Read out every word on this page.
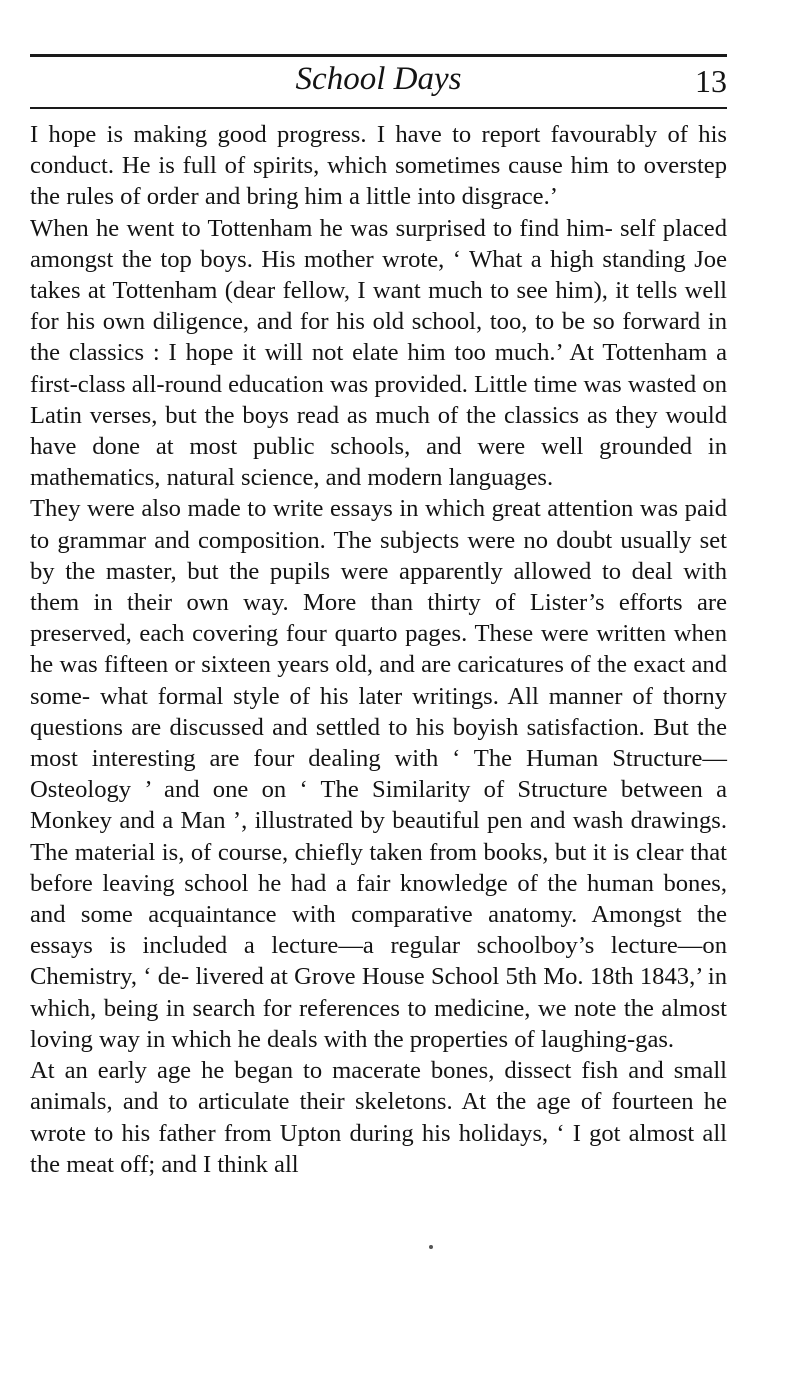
School Days	13

I hope is making good progress. I have to report favourably of his conduct. He is full of spirits, which sometimes cause him to overstep the rules of order and bring him a little into disgrace.’

When he went to Tottenham he was surprised to find him- self placed amongst the top boys. His mother wrote, ‘ What a high standing Joe takes at Tottenham (dear fellow, I want much to see him), it tells well for his own diligence, and for his old school, too, to be so forward in the classics : I hope it will not elate him too much.’ At Tottenham a first-class all-round education was provided. Little time was wasted on Latin verses, but the boys read as much of the classics as they would have done at most public schools, and were well grounded in mathematics, natural science, and modern languages.

They were also made to write essays in which great attention was paid to grammar and composition. The subjects were no doubt usually set by the master, but the pupils were apparently allowed to deal with them in their own way. More than thirty of Lister’s efforts are preserved, each covering four quarto pages. These were written when he was fifteen or sixteen years old, and are caricatures of the exact and some- what formal style of his later writings. All manner of thorny questions are discussed and settled to his boyish satisfaction. But the most interesting are four dealing with ‘ The Human Structure—Osteology ’ and one on ‘ The Similarity of Structure between a Monkey and a Man ’, illustrated by beautiful pen and wash drawings. The material is, of course, chiefly taken from books, but it is clear that before leaving school he had a fair knowledge of the human bones, and some acquaintance with comparative anatomy. Amongst the essays is included a lecture—a regular schoolboy’s lecture—on Chemistry, ‘ de- livered at Grove House School 5th Mo. 18th 1843,’ in which, being in search for references to medicine, we note the almost loving way in which he deals with the properties of laughing-gas.

At an early age he began to macerate bones, dissect fish and small animals, and to articulate their skeletons. At the age of fourteen he wrote to his father from Upton during his holidays, ‘ I got almost all the meat off; and I think all
